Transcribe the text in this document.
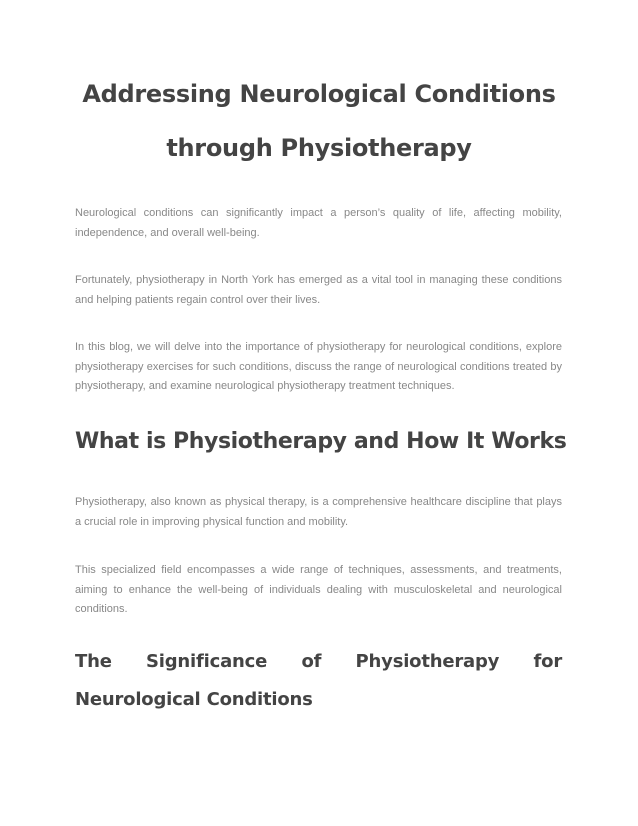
Addressing Neurological Conditions
through Physiotherapy

Neurological conditions can significantly impact a person’s quality of life, affecting mobility, independence, and overall well-being.

Fortunately, physiotherapy in North York has emerged as a vital tool in managing these conditions and helping patients regain control over their lives.

In this blog, we will delve into the importance of physiotherapy for neurological conditions, explore physiotherapy exercises for such conditions, discuss the range of neurological conditions treated by physiotherapy, and examine neurological physiotherapy treatment techniques.

What is Physiotherapy and How It Works

Physiotherapy, also known as physical therapy, is a comprehensive healthcare discipline that plays a crucial role in improving physical function and mobility.

This specialized field encompasses a wide range of techniques, assessments, and treatments, aiming to enhance the well-being of individuals dealing with musculoskeletal and neurological conditions.

The Significance of Physiotherapy for Neurological Conditions
